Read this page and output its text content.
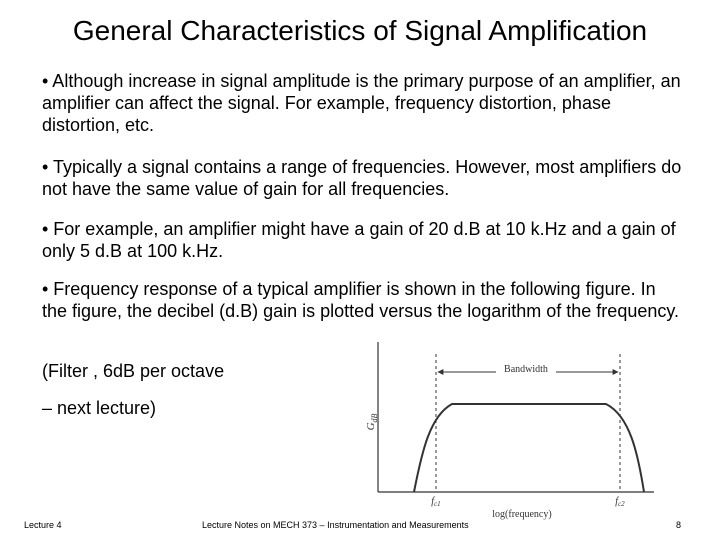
General Characteristics of Signal Amplification

• Although increase in signal amplitude is the primary purpose of an amplifier, an amplifier can affect the signal. For example, frequency distortion, phase distortion, etc.

• Typically a signal contains a range of frequencies. However, most amplifiers do not have the same value of gain for all frequencies.

• For example, an amplifier might have a gain of 20 d.B at 10 k.Hz and a gain of only 5 d.B at 100 k.Hz.

• Frequency response of a typical amplifier is shown in the following figure. In the figure, the decibel (d.B) gain is plotted versus the logarithm of the frequency.

(Filter , 6dB per octave
– next lecture)
$G_{dB}$
Bandwidth
$f_{c1}$	$f_{c2}$
log(frequency)
Lecture 4	Lecture Notes on MECH 373 – Instrumentation and Measurements	8
